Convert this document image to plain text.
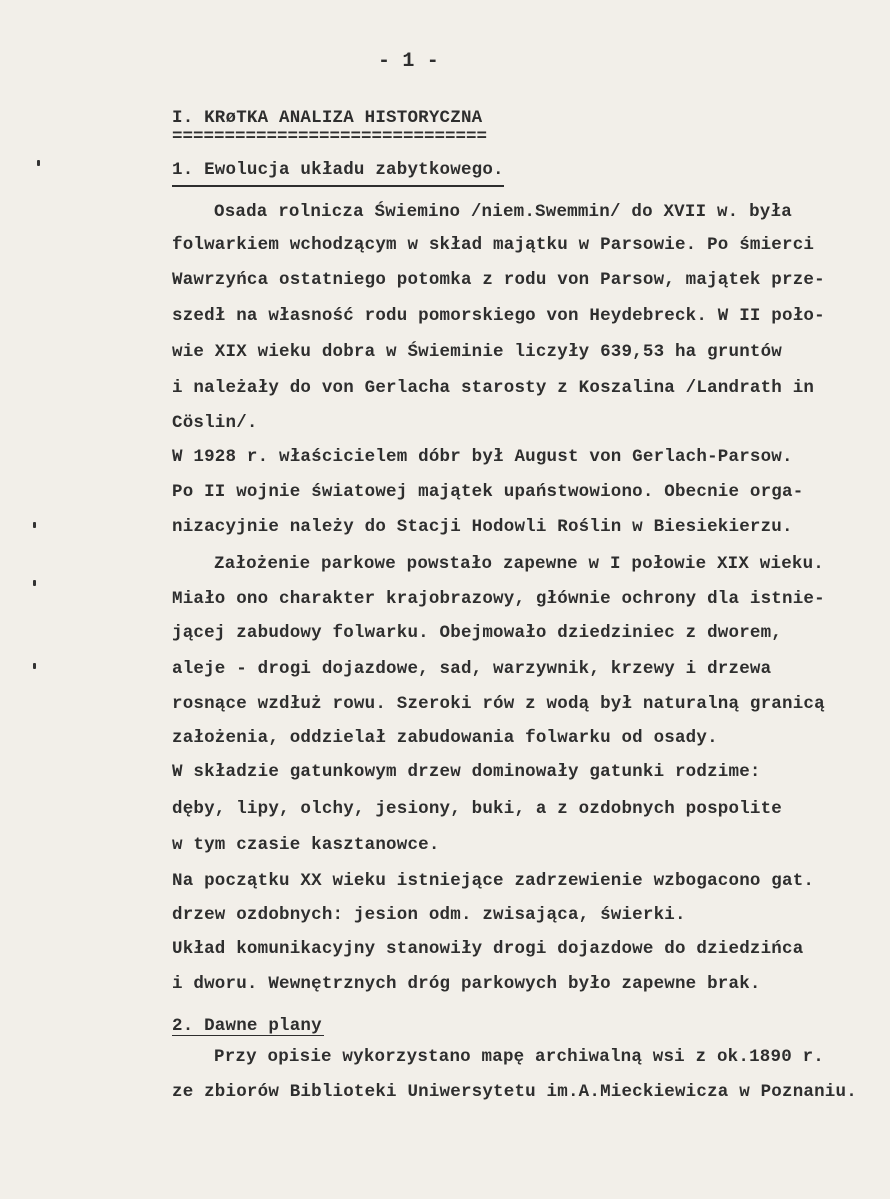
- 1 -
I. KRøTKA ANALIZA HISTORYCZNA
==============================
1. Ewolucja układu zabytkowego.
Osada rolnicza Świemino /niem.Swemmin/ do XVII w. była
folwarkiem wchodzącym w skład majątku w Parsowie. Po śmierci
Wawrzyńca ostatniego potomka z rodu von Parsow, majątek prze-
szedł na własność rodu pomorskiego von Heydebreck. W II poło-
wie XIX wieku dobra w Świeminie liczyły 639,53 ha gruntów
i należały do von Gerlacha starosty z Koszalina /Landrath in
Cöslin/.
W 1928 r. właścicielem dóbr był August von Gerlach-Parsow.
Po II wojnie światowej majątek upaństwowiono. Obecnie orga-
nizacyjnie należy do Stacji Hodowli Roślin w Biesiekierzu.
Założenie parkowe powstało zapewne w I połowie XIX wieku.
Miało ono charakter krajobrazowy, głównie ochrony dla istnie-
jącej zabudowy folwarku. Obejmowało dziedziniec z dworem,
aleje - drogi dojazdowe, sad, warzywnik, krzewy i drzewa
rosnące wzdłuż rowu. Szeroki rów z wodą był naturalną granicą
założenia, oddzielał zabudowania folwarku od osady.
W składzie gatunkowym drzew dominowały gatunki rodzime:
dęby, lipy, olchy, jesiony, buki, a z ozdobnych pospolite
w tym czasie kasztanowce.
Na początku XX wieku istniejące zadrzewienie wzbogacono gat.
drzew ozdobnych: jesion odm. zwisająca, świerki.
Układ komunikacyjny stanowiły drogi dojazdowe do dziedzińca
i dworu. Wewnętrznych dróg parkowych było zapewne brak.
2. Dawne plany
Przy opisie wykorzystano mapę archiwalną wsi z ok.1890 r.
ze zbiorów Biblioteki Uniwersytetu im.A.Mieckiewicza w Poznaniu.
